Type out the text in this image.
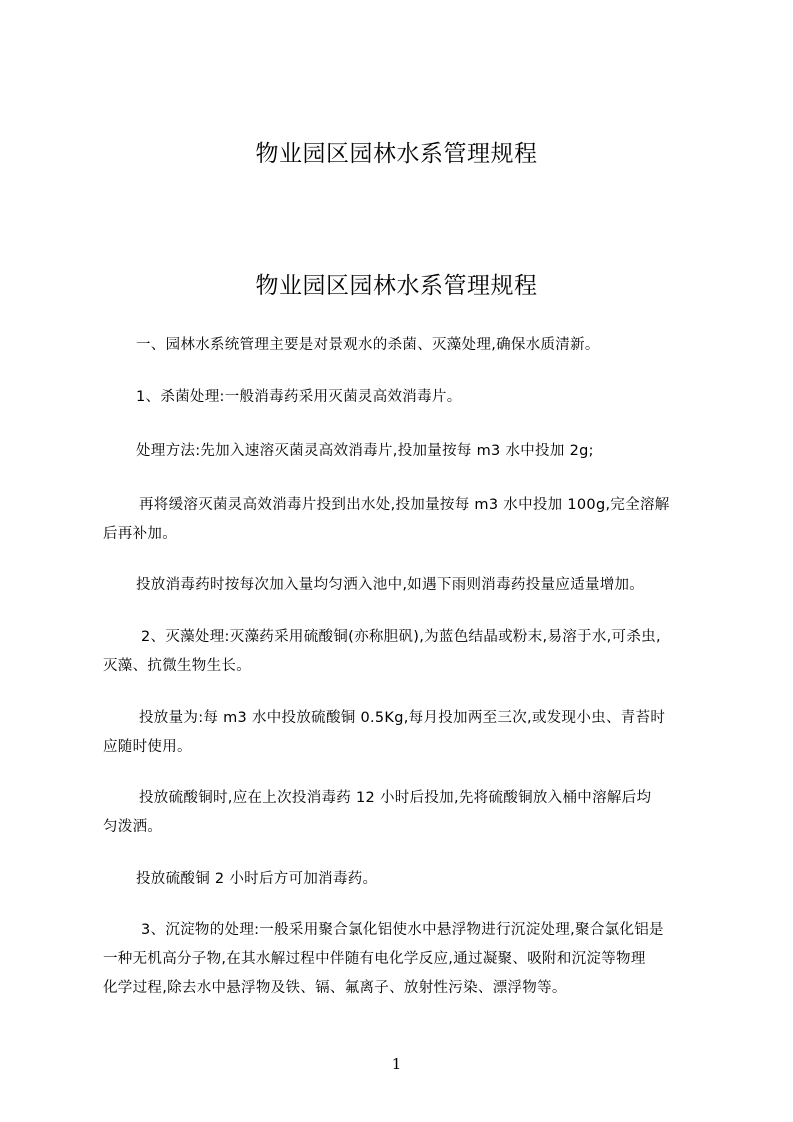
物业园区园林水系管理规程
物业园区园林水系管理规程
一、园林水系统管理主要是对景观水的杀菌、灭藻处理,确保水质清新。
1、杀菌处理:一般消毒药采用灭菌灵高效消毒片。
处理方法:先加入速溶灭菌灵高效消毒片,投加量按每 m3 水中投加 2g;
再将缓溶灭菌灵高效消毒片投到出水处,投加量按每 m3 水中投加 100g,完全溶解
后再补加。
投放消毒药时按每次加入量均匀洒入池中,如遇下雨则消毒药投量应适量增加。
2、灭藻处理:灭藻药采用硫酸铜(亦称胆矾),为蓝色结晶或粉末,易溶于水,可杀虫,
灭藻、抗微生物生长。
投放量为:每 m3 水中投放硫酸铜 0.5Kg,每月投加两至三次,或发现小虫、青苔时
应随时使用。
投放硫酸铜时,应在上次投消毒药 12 小时后投加,先将硫酸铜放入桶中溶解后均
匀泼洒。
投放硫酸铜 2 小时后方可加消毒药。
3、沉淀物的处理:一般采用聚合氯化铝使水中悬浮物进行沉淀处理,聚合氯化铝是
一种无机高分子物,在其水解过程中伴随有电化学反应,通过凝聚、吸附和沉淀等物理
化学过程,除去水中悬浮物及铁、镉、氟离子、放射性污染、漂浮物等。
1
